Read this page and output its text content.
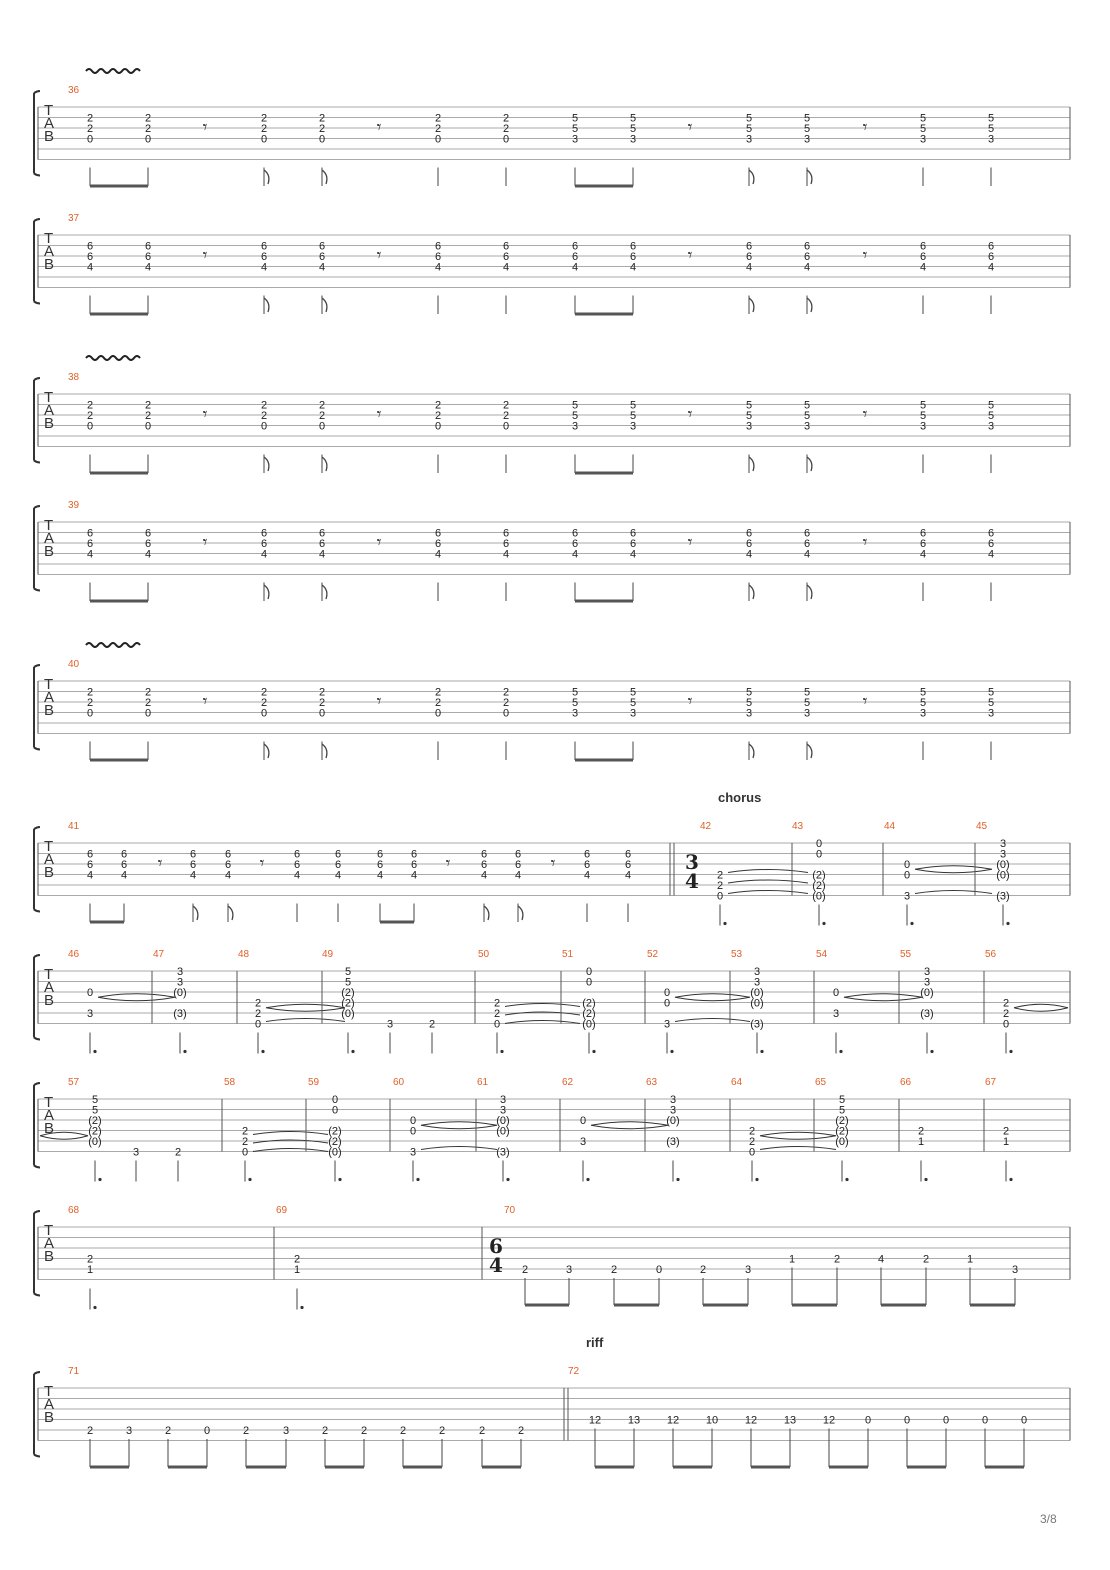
T
A
B
36
2
2
0
2
2
0
𝄾	2
2
0
2
2
0
𝄾	2
2
0
2
2
0
5
5
3
5
5
3
𝄾	5
5
3
5
5
3
𝄾	5
5
3
5
5
3
T
A
B
37
6
6
4
6
6
4
𝄾	6
6
4
6
6
4
𝄾	6
6
4
6
6
4
6
6
4
6
6
4
𝄾	6
6
4
6
6
4
𝄾	6
6
4
6
6
4
T
A
B
38
2
2
0
2
2
0
𝄾	2
2
0
2
2
0
𝄾	2
2
0
2
2
0
5
5
3
5
5
3
𝄾	5
5
3
5
5
3
𝄾	5
5
3
5
5
3
T
A
B
39
6
6
4
6
6
4
𝄾	6
6
4
6
6
4
𝄾	6
6
4
6
6
4
6
6
4
6
6
4
𝄾	6
6
4
6
6
4
𝄾	6
6
4
6
6
4
T
A
B
40
2
2
0
2
2
0
𝄾	2
2
0
2
2
0
𝄾	2
2
0
2
2
0
5
5
3
5
5
3
𝄾	5
5
3
5
5
3
𝄾	5
5
3
5
5
3
T
A
B
41
6
6
4
6
6
4
𝄾	6
6
4
6
6
4
𝄾	6
6
4
6
6
4
6
6
4
6
6
4
𝄾	6
6
4
6
6
4
𝄾	6
6
4
6
6
4
3
4
chorus
42
2
2
0
43
0
0
(2)
(2)
(0)
44
0
0
3
45
3
3
(0)
(0)
(3)
T
A
B
46
0
3
47
3
3
(0)
(3)
48
2
2
0
49
5
5
(2)
(2)
(0)
3	2
50
2
2
0
51
0
0
(2)
(2)
(0)
52
0
0
3
53
3
3
(0)
(0)
(3)
54
0
3
55
3
3
(0)
(3)
56
2
2
0
T
A
B
57
5
5
(2)
(2)
(0)
3	2
58
2
2
0
59
0
0
(2)
(2)
(0)
60
0
0
3
61
3
3
(0)
(0)
(3)
62
0
3
63
3
3
(0)
(3)
64
2
2
0
65
5
5
(2)
(2)
(0)
66
2
1
67
2
1
T
A
B
68
2
1
69
2
1
70
6
4 2	3	2	0	2	3
1	2	4	2	1
3
T
A
B
71
riff
2	3	2	0	2	3	2	2	2	2	2	2
72
12 13 12 10 12 13 12	0	0	0	0	0
3/8
